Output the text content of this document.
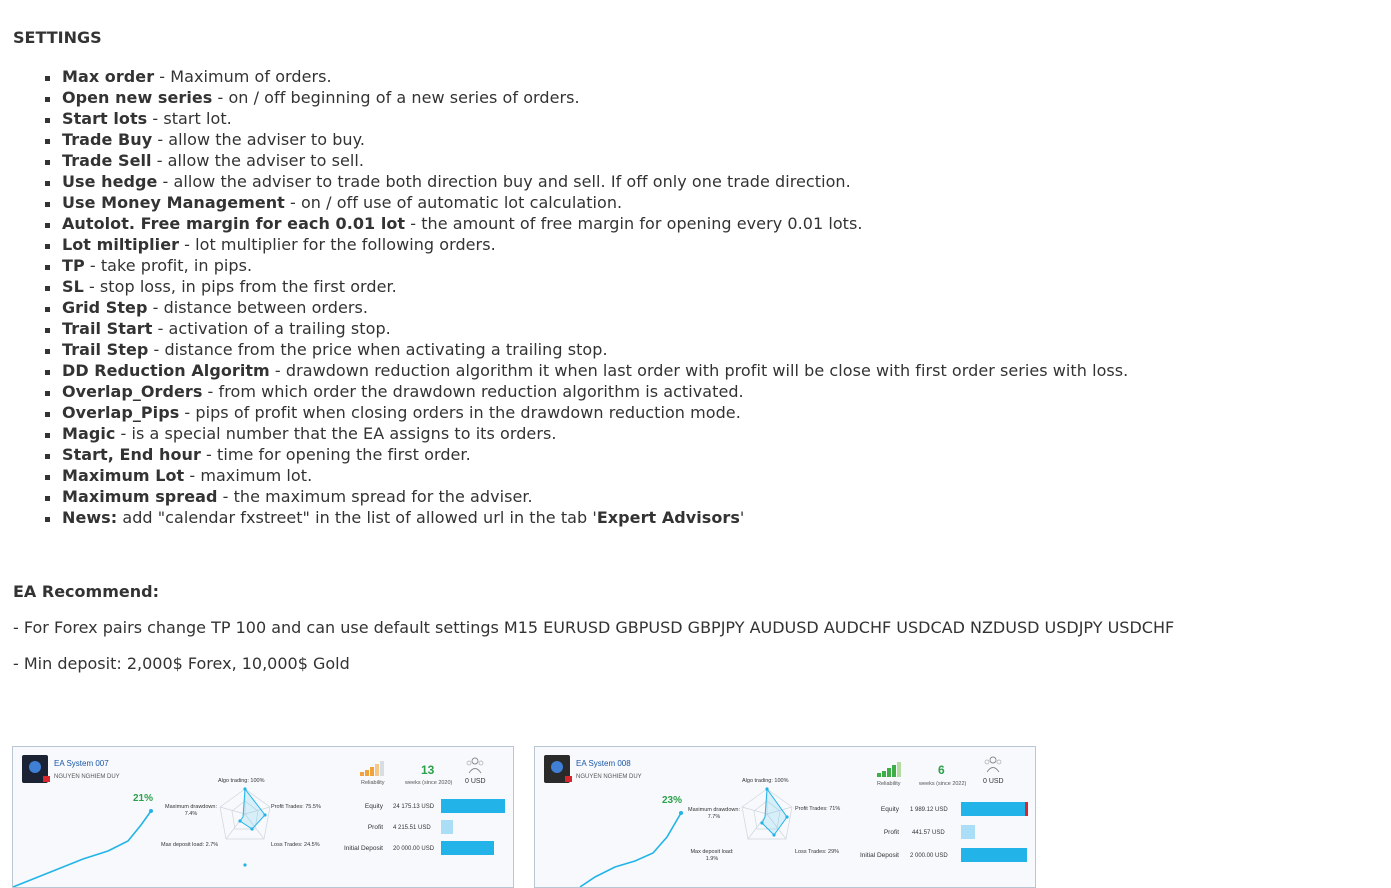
SETTINGS
Max order - Maximum of orders.
Open new series - on / off beginning of a new series of orders.
Start lots - start lot.
Trade Buy - allow the adviser to buy.
Trade Sell - allow the adviser to sell.
Use hedge - allow the adviser to trade both direction buy and sell. If off only one trade direction.
Use Money Management - on / off use of automatic lot calculation.
Autolot. Free margin for each 0.01 lot - the amount of free margin for opening every 0.01 lots.
Lot miltiplier - lot multiplier for the following orders.
TP - take profit, in pips.
SL - stop loss, in pips from the first order.
Grid Step - distance between orders.
Trail Start - activation of a trailing stop.
Trail Step - distance from the price when activating a trailing stop.
DD Reduction Algoritm - drawdown reduction algorithm it when last order with profit will be close with first order series with loss.
Overlap_Orders - from which order the drawdown reduction algorithm is activated.
Overlap_Pips - pips of profit when closing orders in the drawdown reduction mode.
Magic - is a special number that the EA assigns to its orders.
Start, End hour - time for opening the first order.
Maximum Lot - maximum lot.
Maximum spread - the maximum spread for the adviser.
News: add "calendar fxstreet" in the list of allowed url in the tab 'Expert Advisors'
EA Recommend:

- For Forex pairs change TP 100 and can use default settings M15 EURUSD GBPUSD GBPJPY AUDUSD AUDCHF USDCAD NZDUSD USDJPY USDCHF

- Min deposit: 2,000$ Forex, 10,000$ Gold

EA System 007
NGUYEN NGHIEM DUY
21%
Algo trading: 100%
Profit Trades: 75.5%
Loss Trades: 24.5%
Maximum drawdown: 7.4%
Max deposit load: 2.7%
Reliability
13
weeks (since 2020) 0 USD
Equity 24 175.13 USD
Profit 4 215.51 USD
Initial Deposit 20 000.00 USD
EA System 008
NGUYEN NGHIEM DUY
23%
Algo trading: 100%
Profit Trades: 71%
Loss Trades: 29%
Maximum drawdown: 7.7%
Max deposit load: 1.9%
Reliability
6
weeks (since 2022) 0 USD
Equity 1 989.12 USD
Profit 441.57 USD
Initial Deposit 2 000.00 USD
